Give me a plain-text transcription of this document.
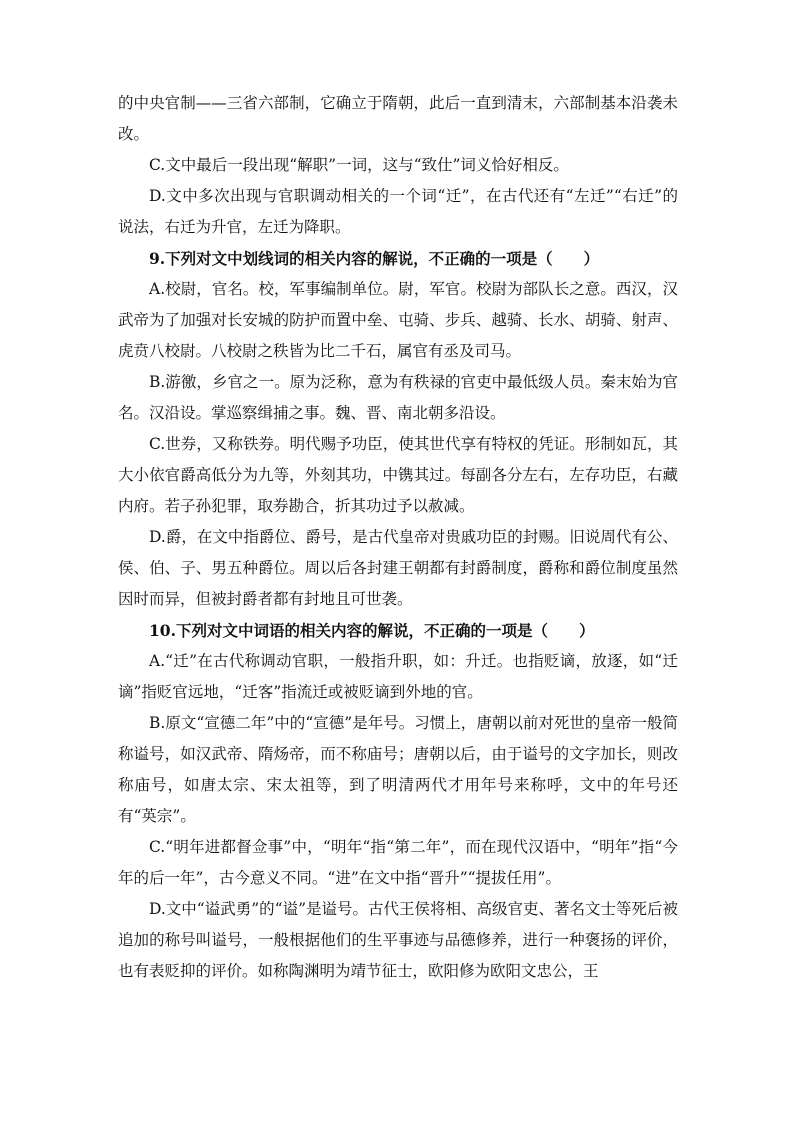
的中央官制——三省六部制，它确立于隋朝，此后一直到清末，六部制基本沿袭未改。

C.文中最后一段出现“解职”一词，这与“致仕”词义恰好相反。

D.文中多次出现与官职调动相关的一个词“迁”，在古代还有“左迁”“右迁”的说法，右迁为升官，左迁为降职。

9.下列对文中划线词的相关内容的解说，不正确的一项是（　　）

A.校尉，官名。校，军事编制单位。尉，军官。校尉为部队长之意。西汉，汉武帝为了加强对长安城的防护而置中垒、屯骑、步兵、越骑、长水、胡骑、射声、虎贲八校尉。八校尉之秩皆为比二千石，属官有丞及司马。

B.游徼，乡官之一。原为泛称，意为有秩禄的官吏中最低级人员。秦末始为官名。汉沿设。掌巡察缉捕之事。魏、晋、南北朝多沿设。

C.世券，又称铁券。明代赐予功臣，使其世代享有特权的凭证。形制如瓦，其大小依官爵高低分为九等，外刻其功，中镌其过。每副各分左右，左存功臣，右藏内府。若子孙犯罪，取券勘合，折其功过予以赦减。

D.爵，在文中指爵位、爵号，是古代皇帝对贵戚功臣的封赐。旧说周代有公、侯、伯、子、男五种爵位。周以后各封建王朝都有封爵制度，爵称和爵位制度虽然因时而异，但被封爵者都有封地且可世袭。

10.下列对文中词语的相关内容的解说，不正确的一项是（　　）

A.“迁”在古代称调动官职，一般指升职，如：升迁。也指贬谪，放逐，如“迁谪”指贬官远地，“迁客”指流迁或被贬谪到外地的官。

B.原文“宣德二年”中的“宣德”是年号。习惯上，唐朝以前对死世的皇帝一般简称谥号，如汉武帝、隋炀帝，而不称庙号；唐朝以后，由于谥号的文字加长，则改称庙号，如唐太宗、宋太祖等，到了明清两代才用年号来称呼，文中的年号还有“英宗”。

C.“明年进都督佥事”中，“明年“指“第二年”，而在现代汉语中，“明年”指“今年的后一年”，古今意义不同。“进”在文中指“晋升”“提拔任用”。

D.文中“谥武勇”的“谥”是谥号。古代王侯将相、高级官吏、著名文士等死后被追加的称号叫谥号，一般根据他们的生平事迹与品德修养，进行一种褒扬的评价，也有表贬抑的评价。如称陶渊明为靖节征士，欧阳修为欧阳文忠公，王
